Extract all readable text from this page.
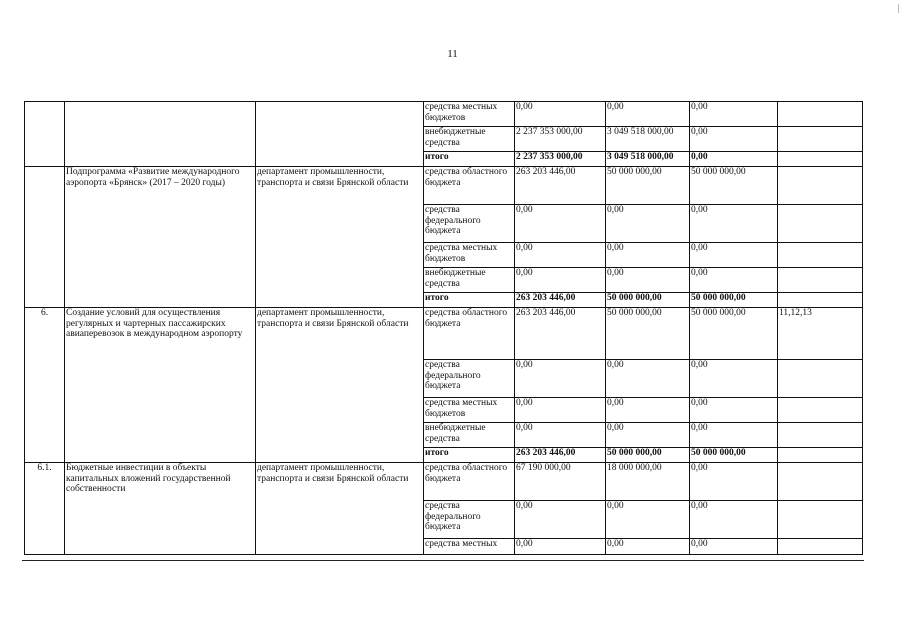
11
			средства местных бюджетов	0,00	0,00	0,00	
			внебюджетные средства	2 237 353 000,00	3 049 518 000,00	0,00	
			итого	2 237 353 000,00	3 049 518 000,00	0,00	
	Подпрограмма «Развитие международного аэропорта «Брянск» (2017 – 2020 годы)	департамент промышленности, транспорта и связи Брянской области	средства областного бюджета	263 203 446,00	50 000 000,00	50 000 000,00	
			средства федерального бюджета	0,00	0,00	0,00	
			средства местных бюджетов	0,00	0,00	0,00	
			внебюджетные средства	0,00	0,00	0,00	
			итого	263 203 446,00	50 000 000,00	50 000 000,00	
6.	Создание условий для осуществления регулярных и чартерных пассажирских авиаперевозок в международном аэропорту	департамент промышленности, транспорта и связи Брянской области	средства областного бюджета	263 203 446,00	50 000 000,00	50 000 000,00	11,12,13
			средства федерального бюджета	0,00	0,00	0,00	
			средства местных бюджетов	0,00	0,00	0,00	
			внебюджетные средства	0,00	0,00	0,00	
			итого	263 203 446,00	50 000 000,00	50 000 000,00	
6.1.	Бюджетные инвестиции в объекты капитальных вложений государственной собственности	департамент промышленности, транспорта и связи Брянской области	средства областного бюджета	67 190 000,00	18 000 000,00	0,00	
			средства федерального бюджета	0,00	0,00	0,00	
			средства местных	0,00	0,00	0,00	
